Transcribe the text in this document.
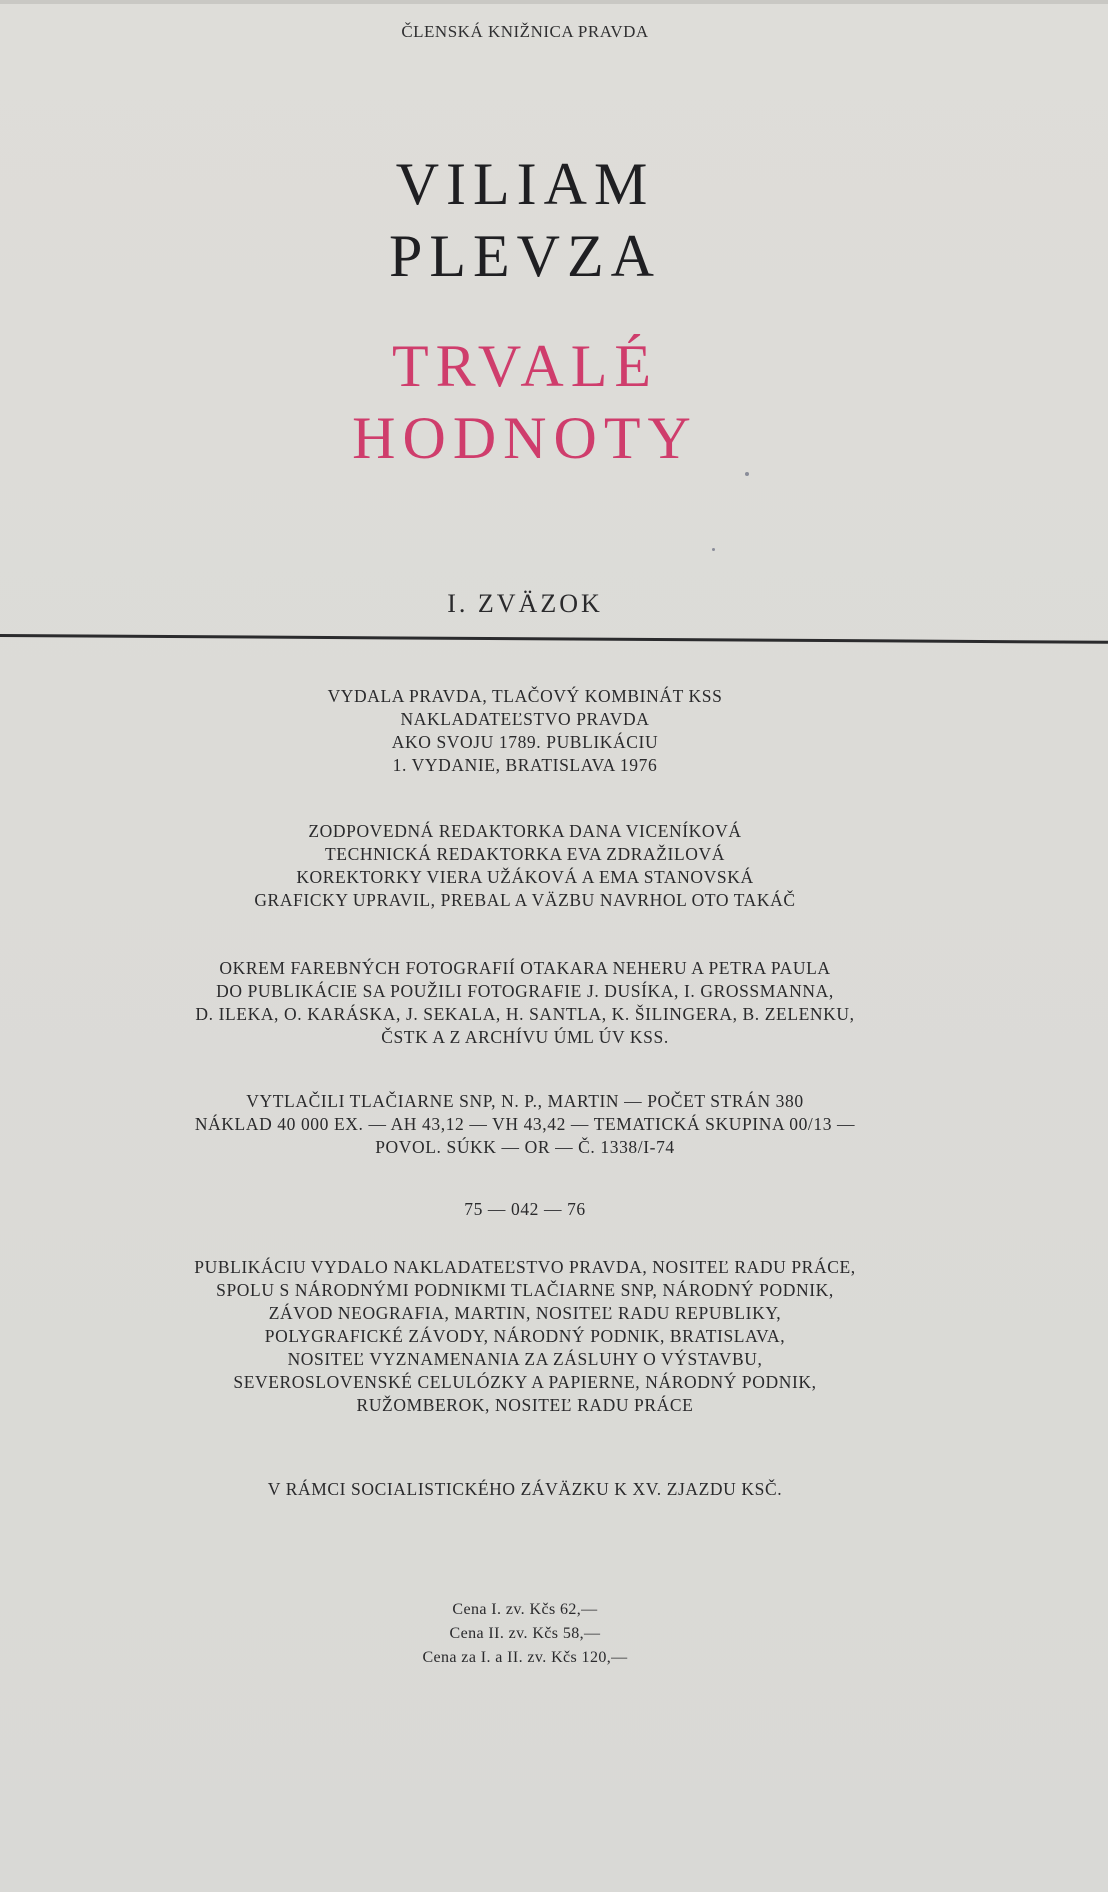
ČLENSKÁ KNIŽNICA PRAVDA
VILIAM
PLEVZA
TRVALÉ
HODNOTY
I. ZVÄZOK
VYDALA PRAVDA, TLAČOVÝ KOMBINÁT KSS
NAKLADATEĽSTVO PRAVDA
AKO SVOJU 1789. PUBLIKÁCIU
1. VYDANIE, BRATISLAVA 1976
ZODPOVEDNÁ REDAKTORKA DANA VICENÍKOVÁ
TECHNICKÁ REDAKTORKA EVA ZDRAŽILOVÁ
KOREKTORKY VIERA UŽÁKOVÁ A EMA STANOVSKÁ
GRAFICKY UPRAVIL, PREBAL A VÄZBU NAVRHOL OTO TAKÁČ
OKREM FAREBNÝCH FOTOGRAFIÍ OTAKARA NEHERU A PETRA PAULA
DO PUBLIKÁCIE SA POUŽILI FOTOGRAFIE J. DUSÍKA, I. GROSSMANNA,
D. ILEKA, O. KARÁSKA, J. SEKALA, H. SANTLA, K. ŠILINGERA, B. ZELENKU,
ČSTK A Z ARCHÍVU ÚML ÚV KSS.
VYTLAČILI TLAČIARNE SNP, N. P., MARTIN — POČET STRÁN 380
NÁKLAD 40 000 EX. — AH 43,12 — VH 43,42 — TEMATICKÁ SKUPINA 00/13 —
POVOL. SÚKK — OR — Č. 1338/I-74
75 — 042 — 76
PUBLIKÁCIU VYDALO NAKLADATEĽSTVO PRAVDA, NOSITEĽ RADU PRÁCE,
SPOLU S NÁRODNÝMI PODNIKMI TLAČIARNE SNP, NÁRODNÝ PODNIK,
ZÁVOD NEOGRAFIA, MARTIN, NOSITEĽ RADU REPUBLIKY,
POLYGRAFICKÉ ZÁVODY, NÁRODNÝ PODNIK, BRATISLAVA,
NOSITEĽ VYZNAMENANIA ZA ZÁSLUHY O VÝSTAVBU,
SEVEROSLOVENSKÉ CELULÓZKY A PAPIERNE, NÁRODNÝ PODNIK,
RUŽOMBEROK, NOSITEĽ RADU PRÁCE
V RÁMCI SOCIALISTICKÉHO ZÁVÄZKU K XV. ZJAZDU KSČ.
Cena I. zv. Kčs 62,—
Cena II. zv. Kčs 58,—
Cena za I. a II. zv. Kčs 120,—
